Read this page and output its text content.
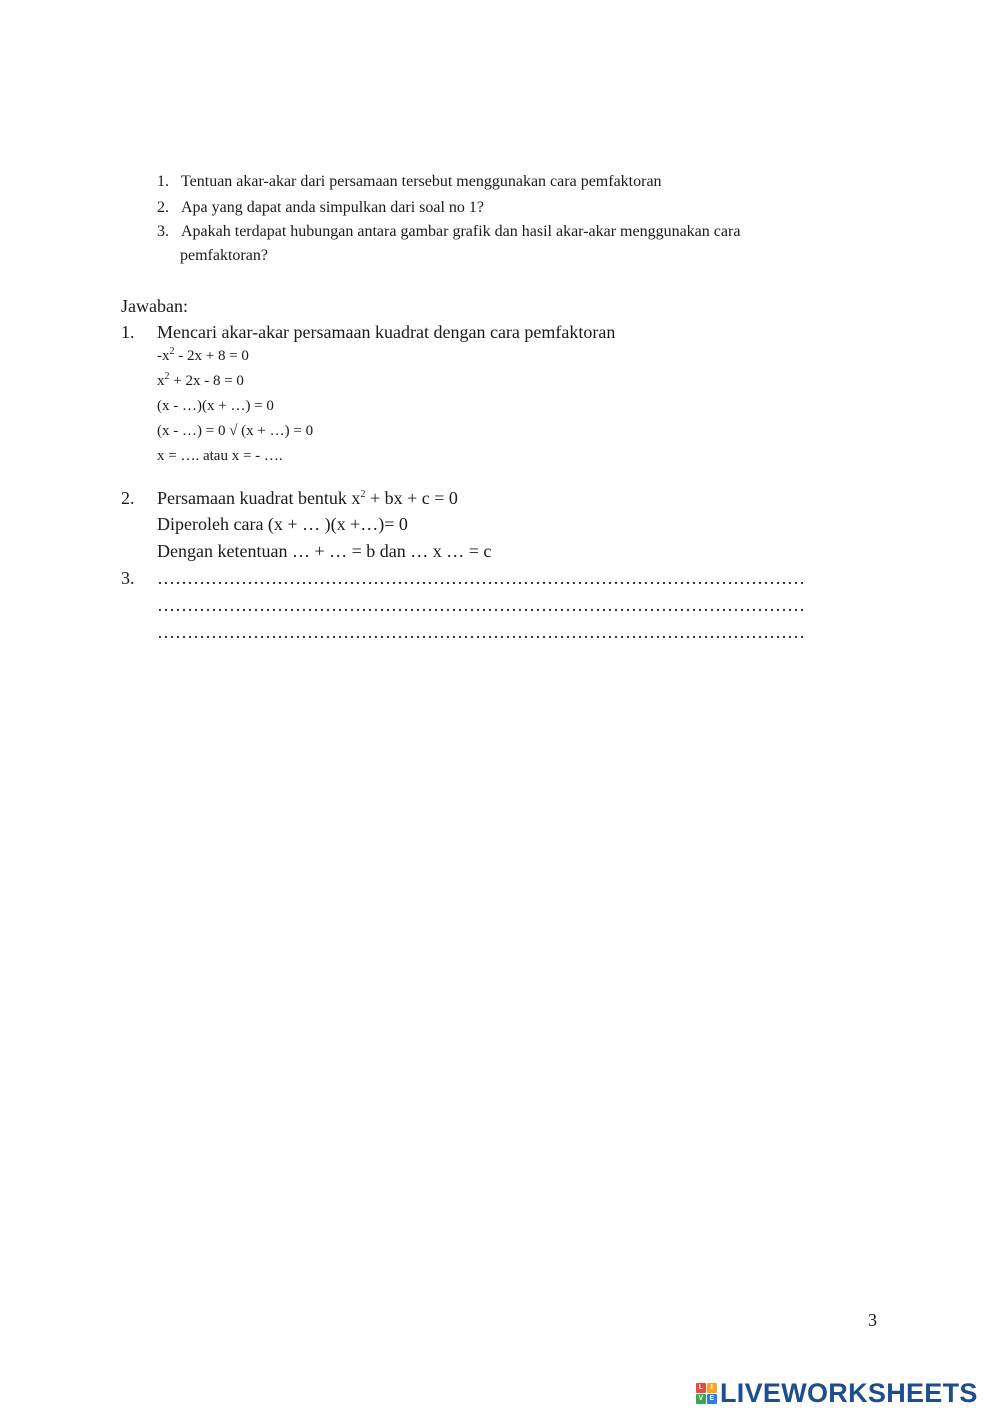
1. Tentuan akar-akar dari persamaan tersebut menggunakan cara pemfaktoran
2. Apa yang dapat anda simpulkan dari soal no 1?
3. Apakah terdapat hubungan antara gambar grafik dan hasil akar-akar menggunakan cara
pemfaktoran?
Jawaban:
1. Mencari akar-akar persamaan kuadrat dengan cara pemfaktoran
$-x^2 - 2x + 8 = 0$
$x^2 + 2x - 8 = 0$
(x - …)(x + …) = 0
(x - …) = 0 √ (x + …) = 0
x = …. atau x = - ….
2. Persamaan kuadrat bentuk $x^2$ + bx + c = 0
Diperoleh cara (x + … )(x +…)= 0
Dengan ketentuan … + … = b dan … x … = c
3. ………………………………………………………………………………………………
………………………………………………………………………………………………
………………………………………………………………………………………………
3
L	I
V E LIVEWORKSHEETS
